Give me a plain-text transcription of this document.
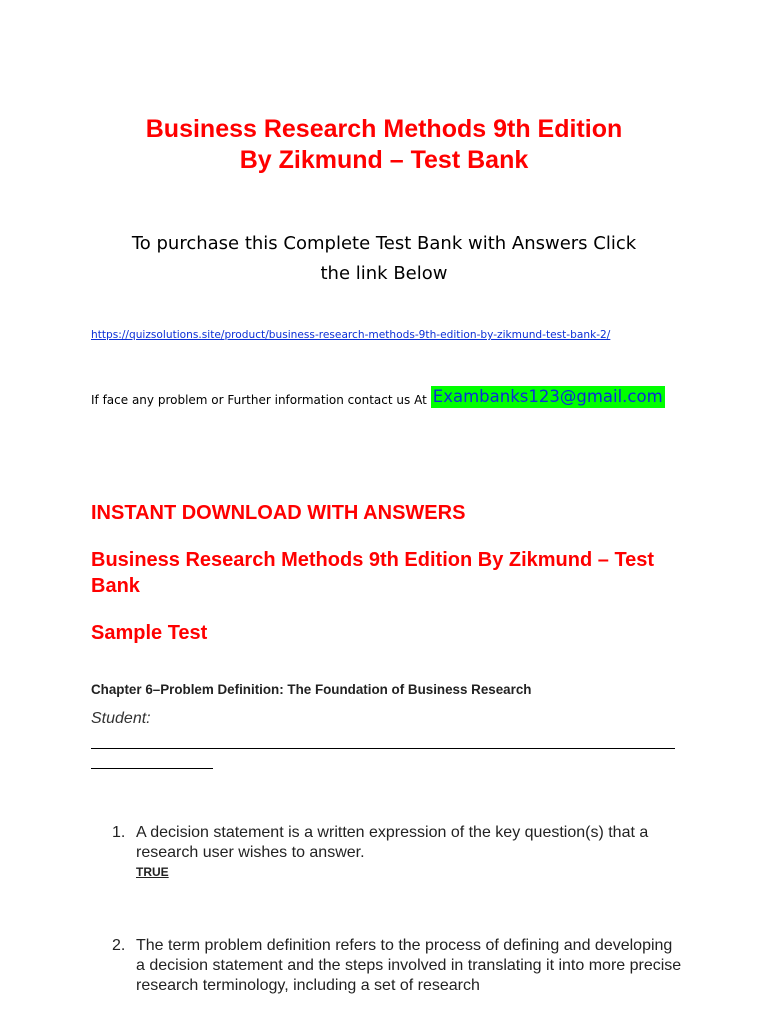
Business Research Methods 9th Edition
By Zikmund – Test Bank
To purchase this Complete Test Bank with Answers Click
the link Below
https://quizsolutions.site/product/business-research-methods-9th-edition-by-zikmund-test-bank-2/
If face any problem or Further information contact us At Exambanks123@gmail.com
INSTANT DOWNLOAD WITH ANSWERS
Business Research Methods 9th Edition By Zikmund – Test Bank
Sample Test
Chapter 6–Problem Definition: The Foundation of Business Research
Student:
1. A decision statement is a written expression of the key question(s) that a research user wishes to answer.
TRUE
2. The term problem definition refers to the process of defining and developing a decision statement and the steps involved in translating it into more precise research terminology, including a set of research
